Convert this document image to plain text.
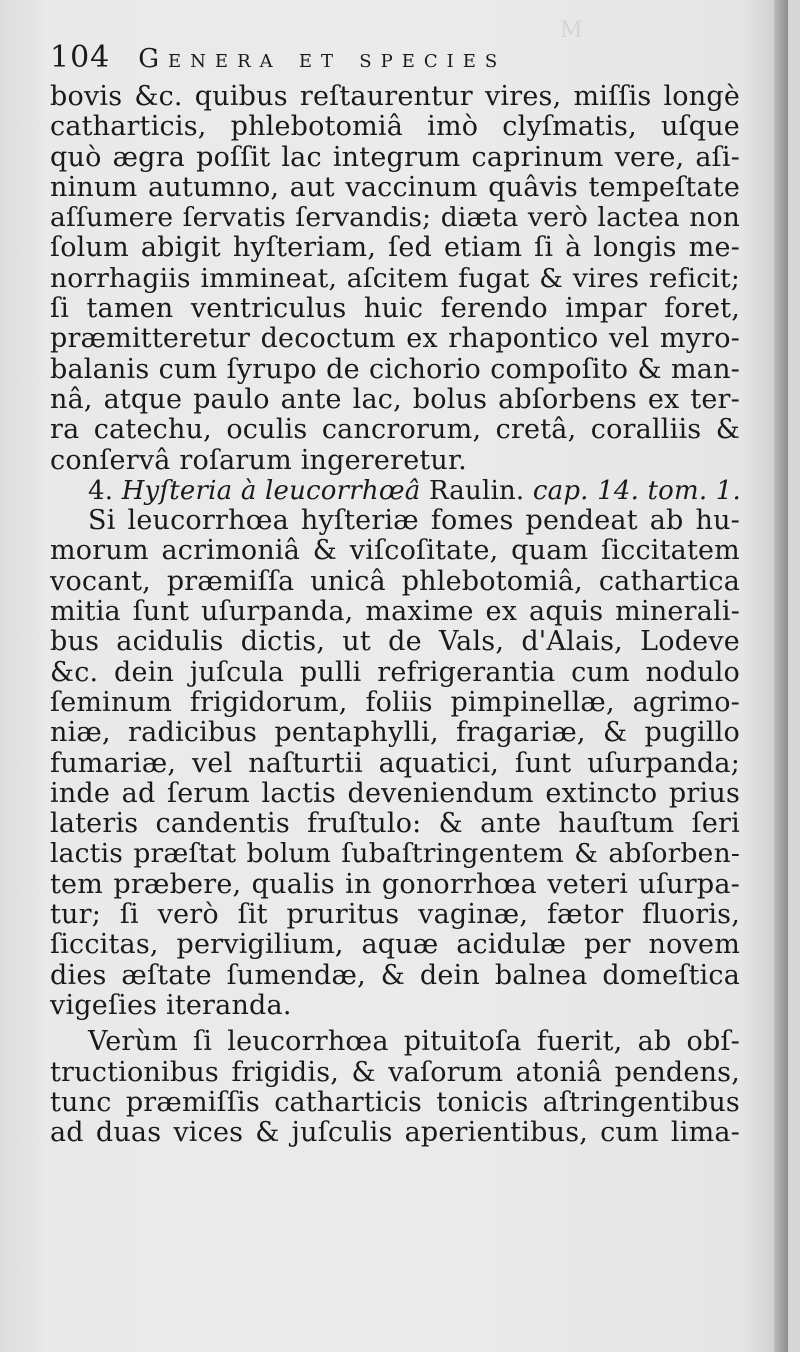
M
104 Genera et species
bovis &c. quibus reſtaurentur vires, miſſis longè
catharticis, phlebotomiâ imò clyſmatis, uſque
quò ægra poſſit lac integrum caprinum vere, aſi-
ninum autumno, aut vaccinum quâvis tempeſtate
aſſumere ſervatis ſervandis; diæta verò lactea non
ſolum abigit hyſteriam, ſed etiam ſi à longis me-
norrhagiis immineat, aſcitem fugat & vires reficit;
ſi tamen ventriculus huic ferendo impar foret,
præmitteretur decoctum ex rhapontico vel myro-
balanis cum ſyrupo de cichorio compoſito & man-
nâ, atque paulo ante lac, bolus abſorbens ex ter-
ra catechu, oculis cancrorum, cretâ, coralliis &
conſervâ roſarum ingereretur.
4. Hyſteria à leucorrhœâ Raulin. cap. 14. tom. 1.
Si leucorrhœa hyſteriæ fomes pendeat ab hu-
morum acrimoniâ & viſcoſitate, quam ſiccitatem
vocant, præmiſſa unicâ phlebotomiâ, cathartica
mitia ſunt uſurpanda, maxime ex aquis minerali-
bus acidulis dictis, ut de Vals, d'Alais, Lodeve
&c. dein juſcula pulli refrigerantia cum nodulo
ſeminum frigidorum, foliis pimpinellæ, agrimo-
niæ, radicibus pentaphylli, fragariæ, & pugillo
fumariæ, vel naſturtii aquatici, ſunt uſurpanda;
inde ad ſerum lactis deveniendum extincto prius
lateris candentis fruſtulo: & ante hauſtum ſeri
lactis præſtat bolum ſubaſtringentem & abſorben-
tem præbere, qualis in gonorrhœa veteri uſurpa-
tur; ſi verò ſit pruritus vaginæ, fætor fluoris,
ſiccitas, pervigilium, aquæ acidulæ per novem
dies æſtate ſumendæ, & dein balnea domeſtica
vigeſies iteranda.
Verùm ſi leucorrhœa pituitoſa fuerit, ab obſ-
tructionibus frigidis, & vaſorum atoniâ pendens,
tunc præmiſſis catharticis tonicis aſtringentibus
ad duas vices & juſculis aperientibus, cum lima-
